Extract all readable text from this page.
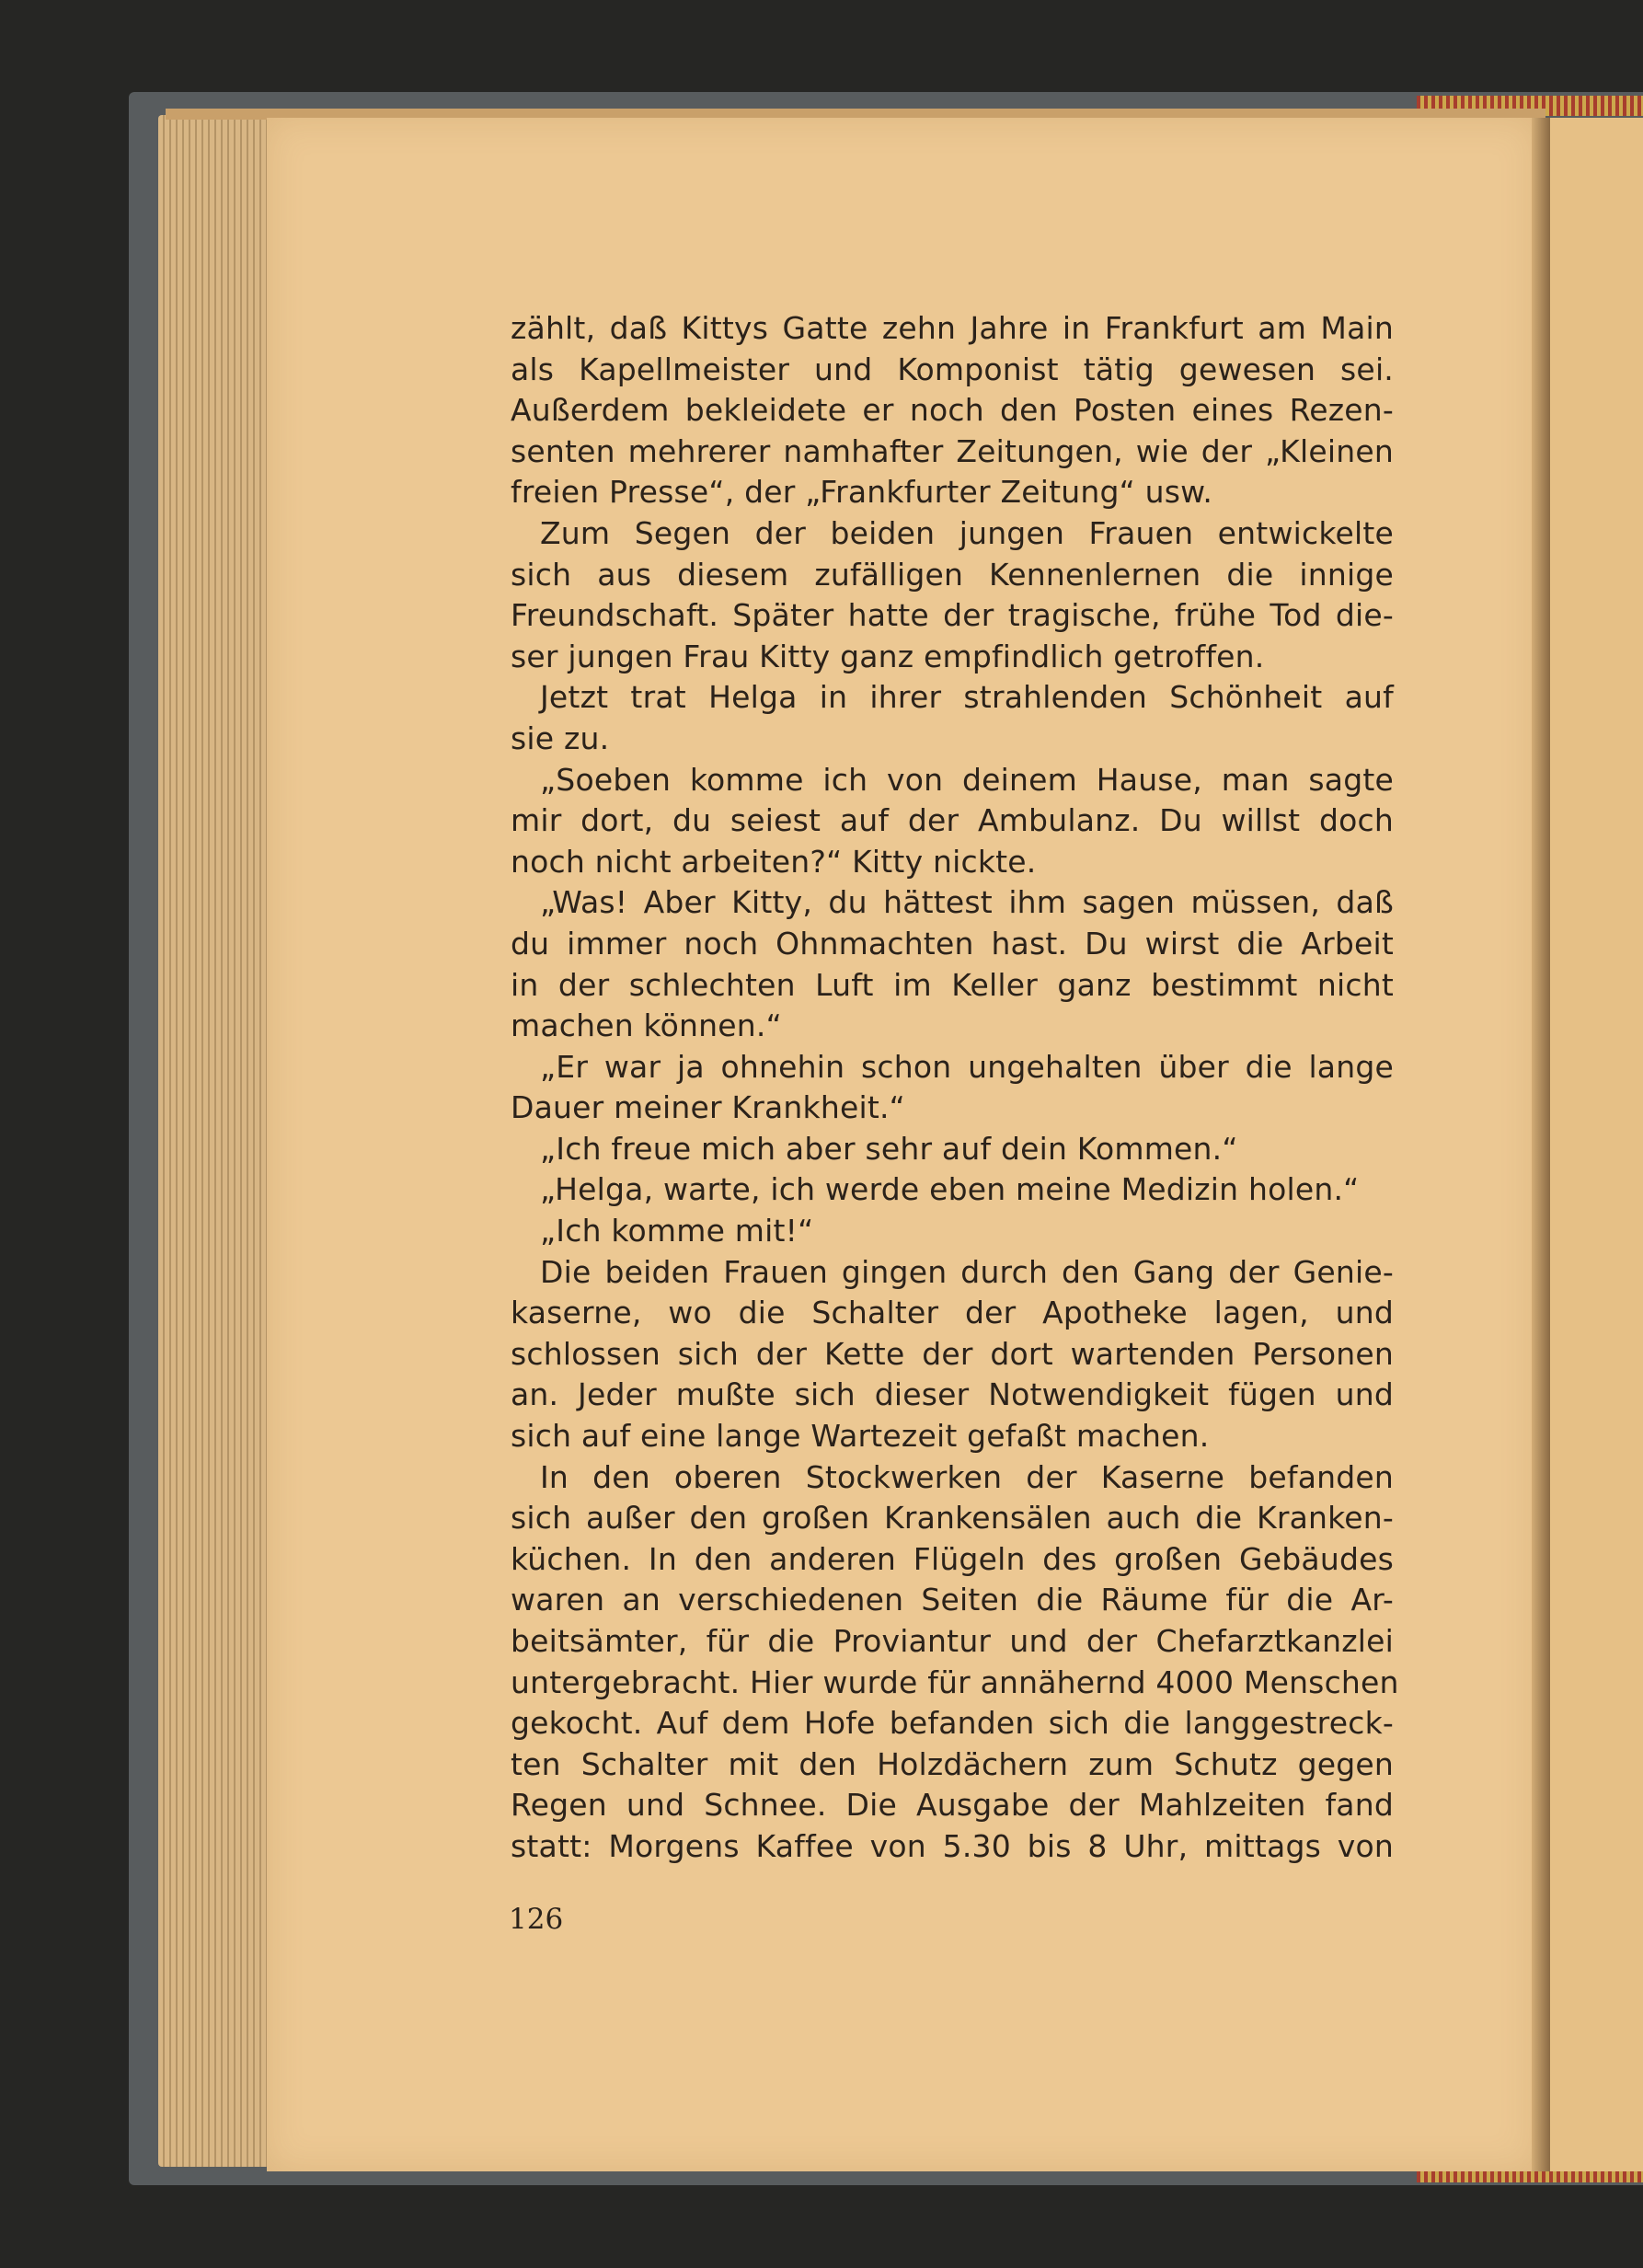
zählt, daß Kittys Gatte zehn Jahre in Frankfurt am Main
als Kapellmeister und Komponist tätig gewesen sei.
Außerdem bekleidete er noch den Posten eines Rezen-
senten mehrerer namhafter Zeitungen, wie der „Kleinen
freien Presse“, der „Frankfurter Zeitung“ usw.
Zum Segen der beiden jungen Frauen entwickelte
sich aus diesem zufälligen Kennenlernen die innige
Freundschaft. Später hatte der tragische, frühe Tod die-
ser jungen Frau Kitty ganz empfindlich getroffen.
Jetzt trat Helga in ihrer strahlenden Schönheit auf
sie zu.
„Soeben komme ich von deinem Hause, man sagte
mir dort, du seiest auf der Ambulanz. Du willst doch
noch nicht arbeiten?“ Kitty nickte.
„Was! Aber Kitty, du hättest ihm sagen müssen, daß
du immer noch Ohnmachten hast. Du wirst die Arbeit
in der schlechten Luft im Keller ganz bestimmt nicht
machen können.“
„Er war ja ohnehin schon ungehalten über die lange
Dauer meiner Krankheit.“
„Ich freue mich aber sehr auf dein Kommen.“
„Helga, warte, ich werde eben meine Medizin holen.“
„Ich komme mit!“
Die beiden Frauen gingen durch den Gang der Genie-
kaserne, wo die Schalter der Apotheke lagen, und
schlossen sich der Kette der dort wartenden Personen
an. Jeder mußte sich dieser Notwendigkeit fügen und
sich auf eine lange Wartezeit gefaßt machen.
In den oberen Stockwerken der Kaserne befanden
sich außer den großen Krankensälen auch die Kranken-
küchen. In den anderen Flügeln des großen Gebäudes
waren an verschiedenen Seiten die Räume für die Ar-
beitsämter, für die Proviantur und der Chefarztkanzlei
untergebracht. Hier wurde für annähernd 4000 Menschen
gekocht. Auf dem Hofe befanden sich die langgestreck-
ten Schalter mit den Holzdächern zum Schutz gegen
Regen und Schnee. Die Ausgabe der Mahlzeiten fand
statt: Morgens Kaffee von 5.30 bis 8 Uhr, mittags von
126
